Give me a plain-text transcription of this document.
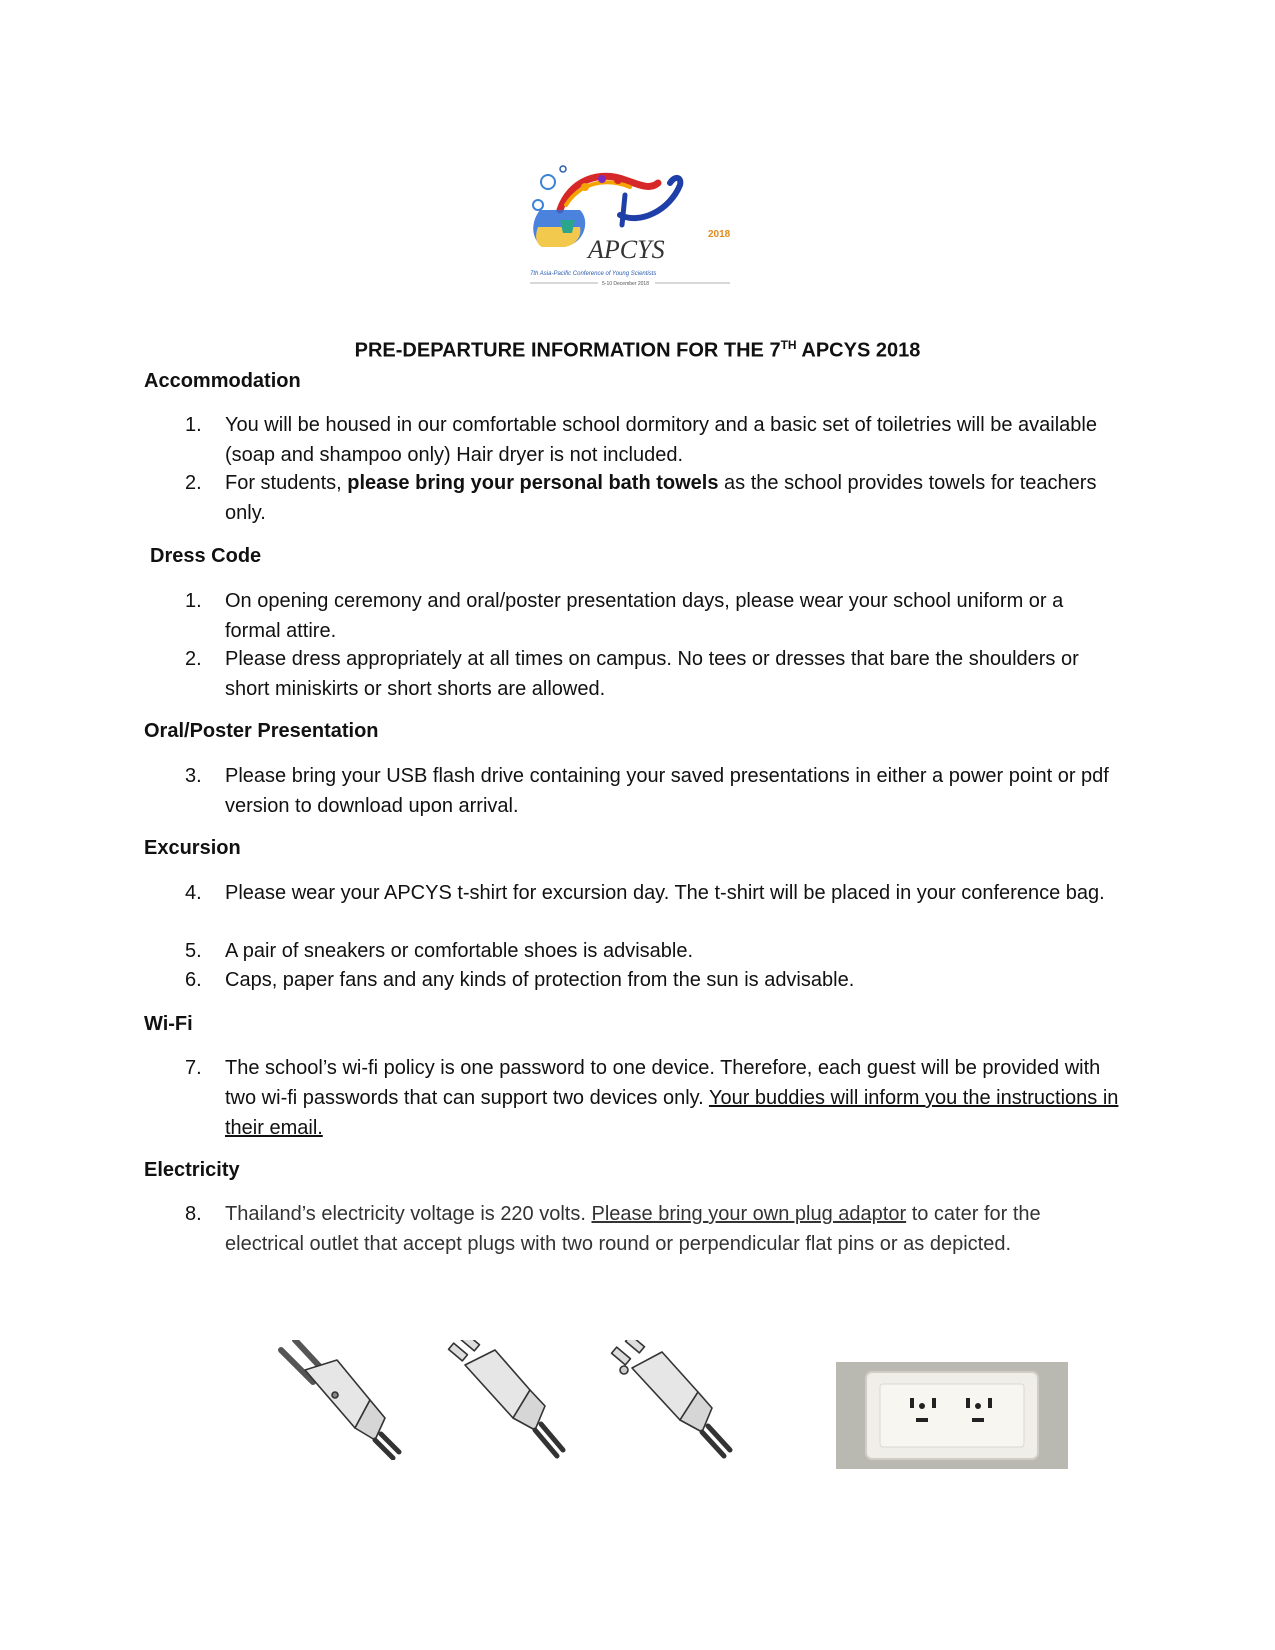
2018
APCYS
7th Asia-Pacific Conference of Young Scientists
5-10 December 2018
PRE-DEPARTURE INFORMATION FOR THE 7TH APCYS 2018
Accommodation
1.	You will be housed in our comfortable school dormitory and a basic set of toiletries will be available (soap and shampoo only) Hair dryer is not included.
2.	For students, please bring your personal bath towels as the school provides towels for teachers only.
Dress Code
1.	On opening ceremony and oral/poster presentation days, please wear your school uniform or a formal attire.
2.	Please dress appropriately at all times on campus. No tees or dresses that bare the shoulders or short miniskirts or short shorts are allowed.
Oral/Poster Presentation
3.	Please bring your USB flash drive containing your saved presentations in either a power point or pdf version to download upon arrival.
Excursion
4.	Please wear your APCYS t-shirt for excursion day. The t-shirt will be placed in your conference bag.
5.	A pair of sneakers or comfortable shoes is advisable.
6.	Caps, paper fans and any kinds of protection from the sun is advisable.
Wi-Fi
7.	The school’s wi-fi policy is one password to one device. Therefore, each guest will be provided with two wi-fi passwords that can support two devices only. Your buddies will inform you the instructions in their email.
Electricity
8.	Thailand’s electricity voltage is 220 volts. Please bring your own plug adaptor to cater for the electrical outlet that accept plugs with two round or perpendicular flat pins or as depicted.
